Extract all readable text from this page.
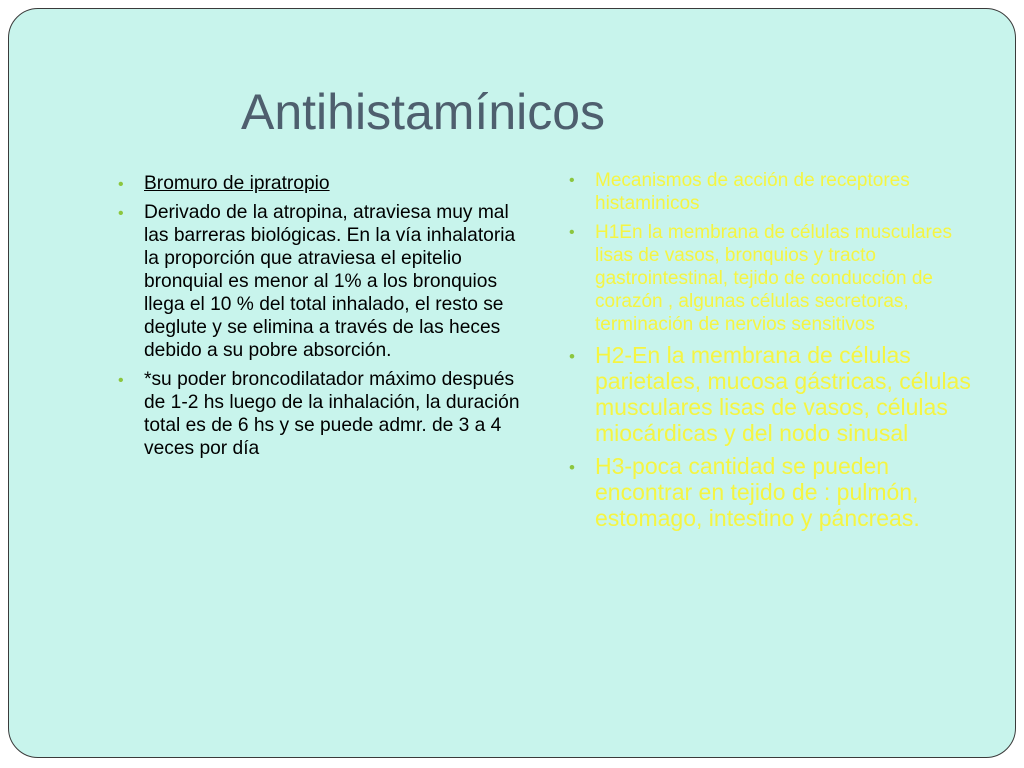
Antihistamínicos
• Bromuro de ipratropio
• Derivado de la atropina, atraviesa muy mal las barreras biológicas. En la vía inhalatoria la proporción que atraviesa el epitelio bronquial es menor al 1% a los bronquios llega el 10 % del total inhalado, el resto se deglute y se elimina a través de las heces debido a su pobre absorción.
• *su poder broncodilatador máximo después de 1-2 hs luego de la inhalación, la duración total es de 6 hs y se puede admr. de 3 a 4 veces por día
• Mecanismos de acción de receptores histaminicos
• H1En la membrana de células musculares lisas de vasos, bronquios y tracto gastrointestinal, tejido de conducción de corazón , algunas células secretoras, terminación de nervios sensitivos
• H2-En la membrana de células parietales, mucosa gástricas, células musculares lisas de vasos, células miocárdicas y del nodo sinusal
• H3-poca cantidad se pueden encontrar en tejido de : pulmón, estomago, intestino y páncreas.
